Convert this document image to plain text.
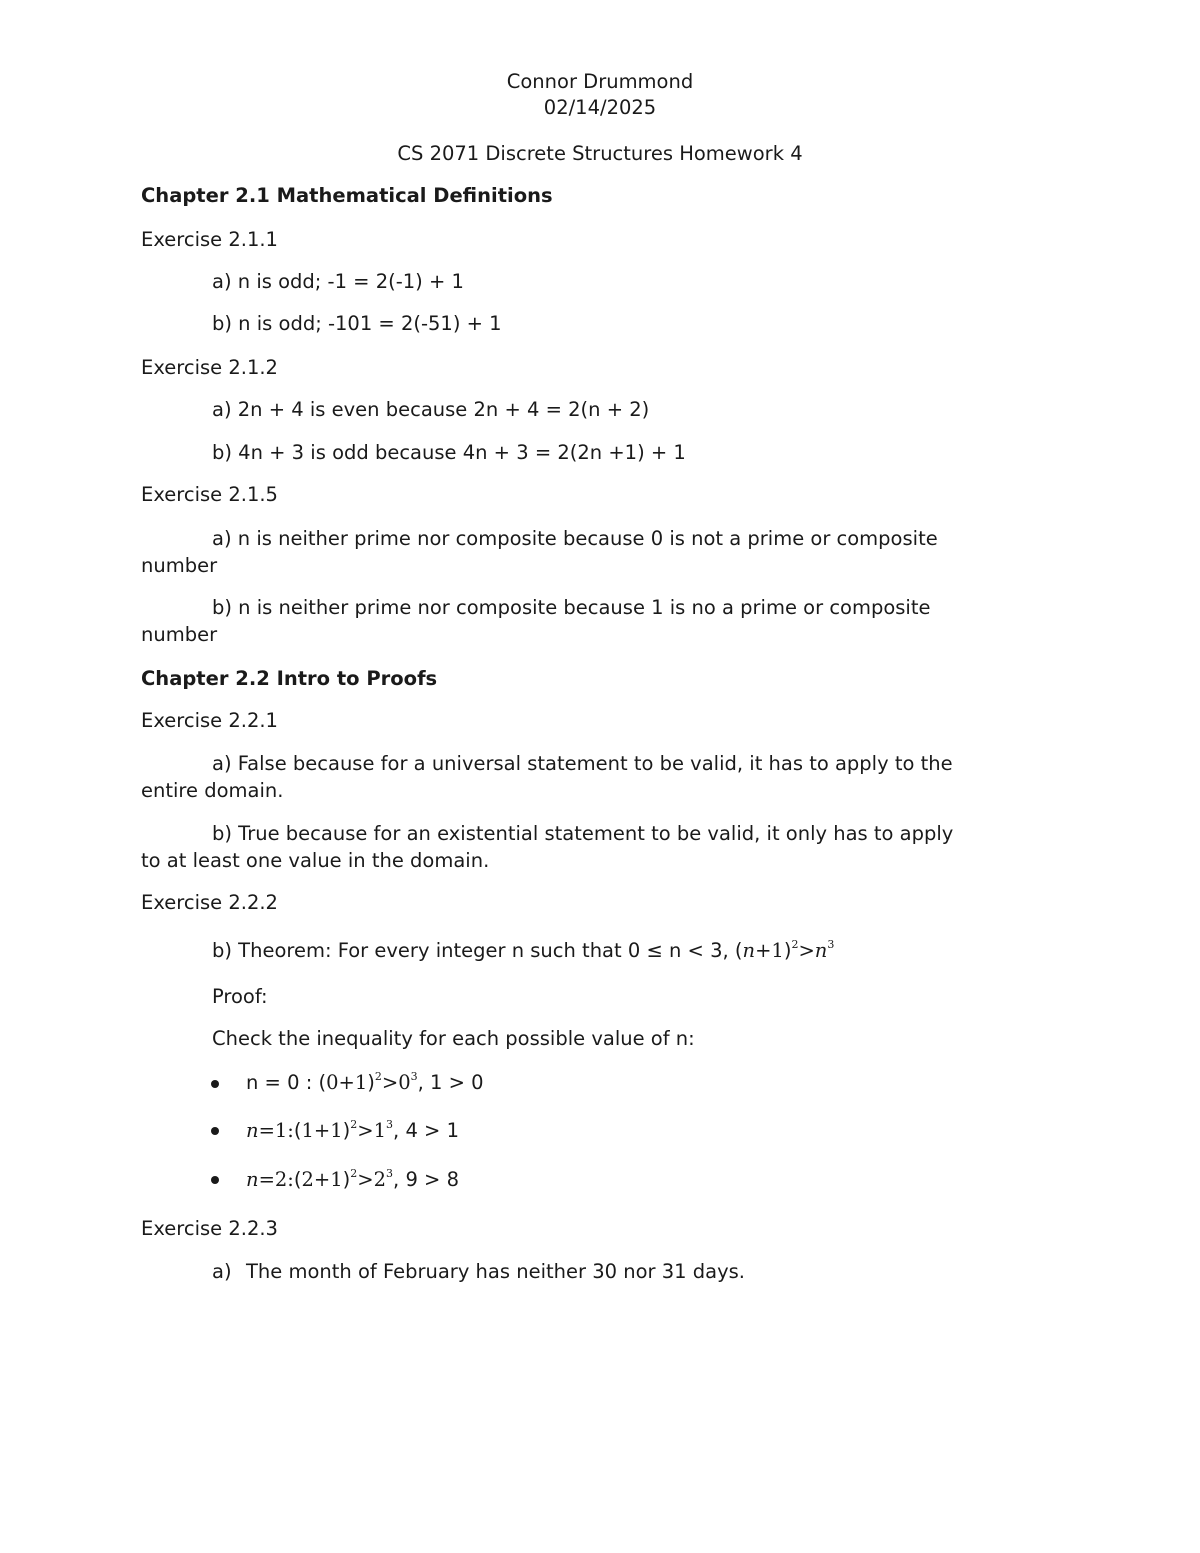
Connor Drummond
02/14/2025
CS 2071 Discrete Structures Homework 4
Chapter 2.1 Mathematical Definitions
Exercise 2.1.1
a) n is odd; -1 = 2(-1) + 1
b) n is odd; -101 = 2(-51) + 1
Exercise 2.1.2
a) 2n + 4 is even because 2n + 4 = 2(n + 2)
b) 4n + 3 is odd because 4n + 3 = 2(2n +1) + 1
Exercise 2.1.5
a) n is neither prime nor composite because 0 is not a prime or composite
number
b) n is neither prime nor composite because 1 is no a prime or composite
number
Chapter 2.2 Intro to Proofs
Exercise 2.2.1
a) False because for a universal statement to be valid, it has to apply to the
entire domain.
b) True because for an existential statement to be valid, it only has to apply
to at least one value in the domain.
Exercise 2.2.2
b) Theorem: For every integer n such that 0 ≤ n < 3, $(n+1)^2>n^3$
Proof:
Check the inequality for each possible value of n:
n = 0 : $(0+1)^2>0^3$, 1 > 0
$n=1:(1+1)^2>1^3$, 4 > 1
$n=2:(2+1)^2>2^3$, 9 > 8
Exercise 2.2.3
a) The month of February has neither 30 nor 31 days.
